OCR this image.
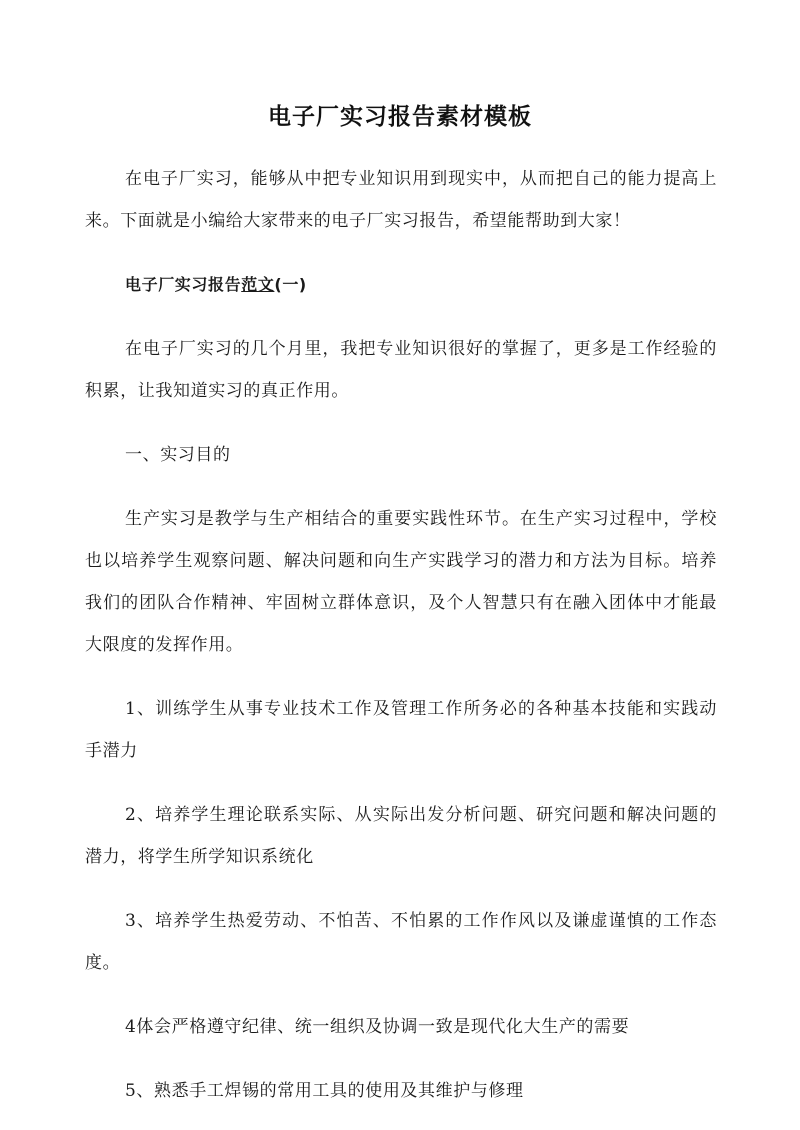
电子厂实习报告素材模板

在电子厂实习，能够从中把专业知识用到现实中，从而把自己的能力提高上来。下面就是小编给大家带来的电子厂实习报告，希望能帮助到大家！

电子厂实习报告范文(一)

在电子厂实习的几个月里，我把专业知识很好的掌握了，更多是工作经验的积累，让我知道实习的真正作用。

一、实习目的

生产实习是教学与生产相结合的重要实践性环节。在生产实习过程中，学校也以培养学生观察问题、解决问题和向生产实践学习的潜力和方法为目标。培养我们的团队合作精神、牢固树立群体意识，及个人智慧只有在融入团体中才能最大限度的发挥作用。

1、训练学生从事专业技术工作及管理工作所务必的各种基本技能和实践动手潜力

2、培养学生理论联系实际、从实际出发分析问题、研究问题和解决问题的潜力，将学生所学知识系统化

3、培养学生热爱劳动、不怕苦、不怕累的工作作风以及谦虚谨慎的工作态度。

4体会严格遵守纪律、统一组织及协调一致是现代化大生产的需要

5、熟悉手工焊锡的常用工具的使用及其维护与修理
